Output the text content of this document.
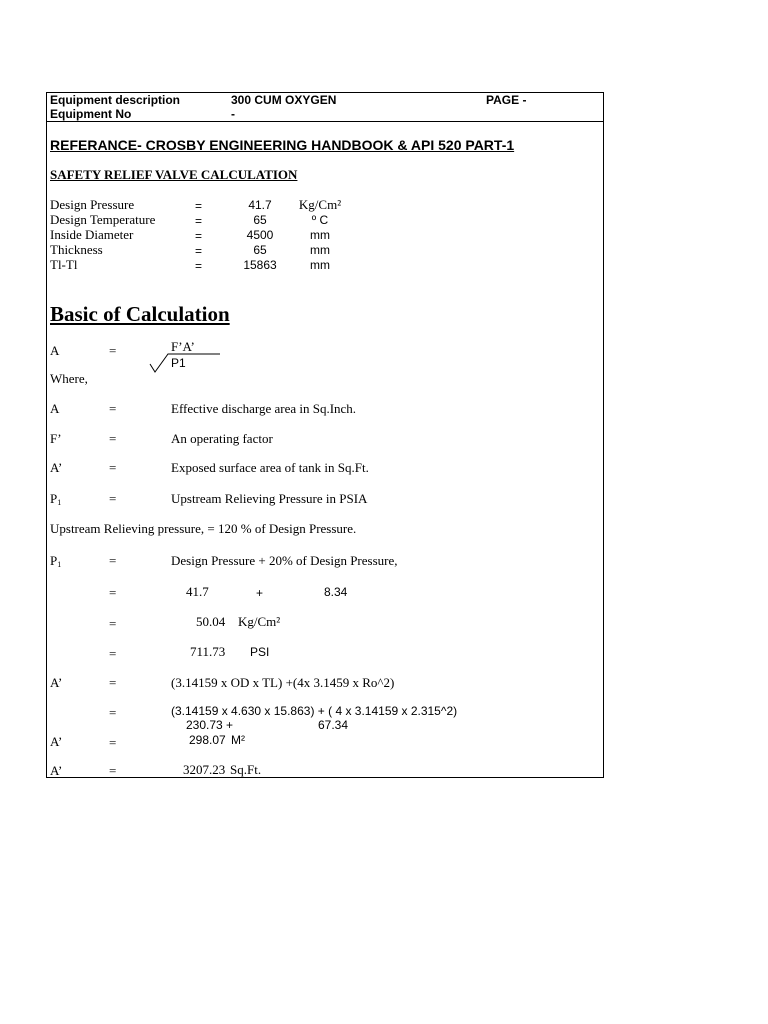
Equipment description	300 CUM OXYGEN	PAGE -
Equipment No	-
REFERANCE- CROSBY ENGINEERING HANDBOOK & API 520 PART-1
SAFETY RELIEF VALVE CALCULATION
Design Pressure	=	41.7	Kg/Cm²
Design Temperature	=	65	º C
Inside Diameter	=	4500	mm
Thickness	=	65	mm
Tl-Tl	=	15863	mm
Basic of Calculation
A	=	F’A’
P1
Where,
A	=	Effective discharge area in Sq.Inch.
F’	=	An operating factor
A’	=	Exposed surface area of tank in Sq.Ft.
$P_1$	=	Upstream Relieving Pressure in PSIA
Upstream Relieving pressure, = 120 % of Design Pressure.
$P_1$	=	Design Pressure + 20% of Design Pressure,
=	41.7	+	8.34
=	50.04 Kg/Cm²
=	711.73 PSI
A’	=	(3.14159 x OD x TL) +(4x 3.1459 x Ro^2)
=	(3.14159 x 4.630 x 15.863) + ( 4 x 3.14159 x 2.315^2)
230.73 +	67.34
A’	=	298.07 M²
A’	=	3207.23 Sq.Ft.
